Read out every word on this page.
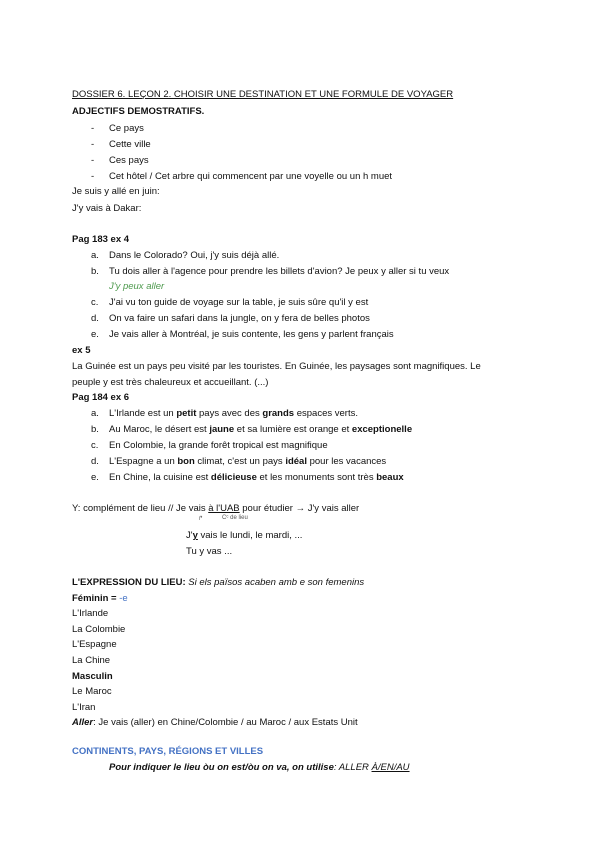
DOSSIER 6. LEÇON 2. CHOISIR UNE DESTINATION ET UNE FORMULE DE VOYAGER
ADJECTIFS DEMOSTRATIFS.
- Ce pays
- Cette ville
- Ces pays
- Cet hôtel / Cet arbre qui commencent par une voyelle ou un h muet
Je suis y allé en juin:
J'y vais à Dakar:
Pag 183 ex 4
a. Dans le Colorado? Oui, j'y suis déjà allé.
b. Tu dois aller à l'agence pour prendre les billets d'avion? Je peux y aller si tu veux
J'y peux aller
c. J'ai vu ton guide de voyage sur la table, je suis sûre qu'il y est
d. On va faire un safari dans la jungle, on y fera de belles photos
e. Je vais aller à Montréal, je suis contente, les gens y parlent français
ex 5
La Guinée est un pays peu visité par les touristes. En Guinée, les paysages sont magnifiques. Le
peuple y est très chaleureux et accueillant. (...)
Pag 184 ex 6
a. L'Irlande est un petit pays avec des grands espaces verts.
b. Au Maroc, le désert est jaune et sa lumière est orange et exceptionelle
c. En Colombie, la grande forêt tropical est magnifique
d. L'Espagne a un bon climat, c'est un pays idéal pour les vacances
e. En Chine, la cuisine est délicieuse et les monuments sont très beaux
Y: complément de lieu // Je vais à l'UAB pour étudier → J'y vais aller
↱	Cᶜ de lieu
J'y vais le lundi, le mardi, ...
Tu y vas ...
L'EXPRESSION DU LIEU: Si els països acaben amb e son femenins
Féminin = -e
L'Irlande
La Colombie
L'Espagne
La Chine
Masculin
Le Maroc
L'Iran
Aller: Je vais (aller) en Chine/Colombie / au Maroc / aux Estats Unit
CONTINENTS, PAYS, RÉGIONS ET VILLES
Pour indiquer le lieu òu on est/òu on va, on utilise: ALLER À/EN/AU
